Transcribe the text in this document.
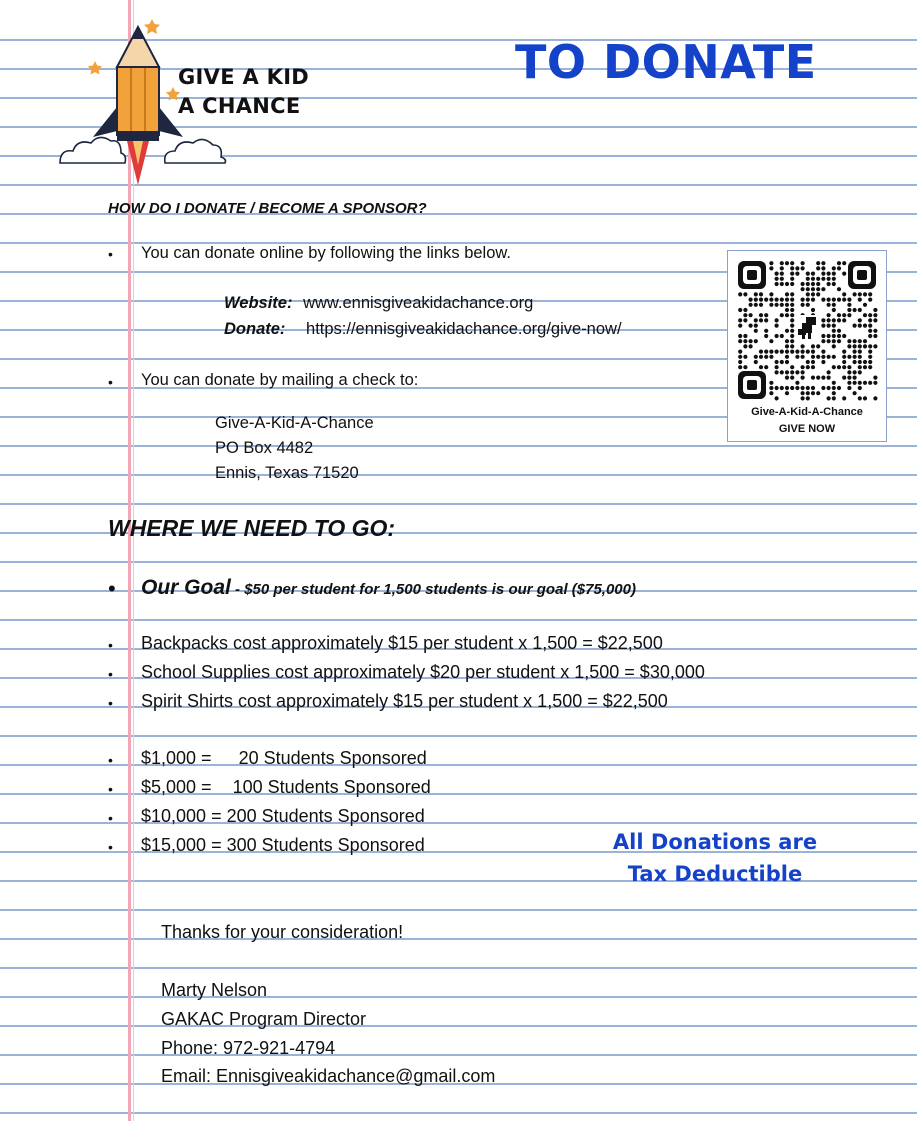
GIVE A KID
A CHANCE
TO DONATE
HOW DO I DONATE / BECOME A SPONSOR?
• You can donate online by following the links below.
Website: www.ennisgiveakidachance.org
Donate: https://ennisgiveakidachance.org/give-now/
• You can donate by mailing a check to:
Give-A-Kid-A-Chance
PO Box 4482
Ennis, Texas 71520
Give-A-Kid-A-Chance
GIVE NOW
WHERE WE NEED TO GO:
• Our Goal - $50 per student for 1,500 students is our goal ($75,000)
• Backpacks cost approximately $15 per student x 1,500 = $22,500
• School Supplies cost approximately $20 per student x 1,500 = $30,000
• Spirit Shirts cost approximately $15 per student x 1,500 = $22,500
• $1,000 = 20 Students Sponsored
• $5,000 = 100 Students Sponsored
• $10,000 = 200 Students Sponsored
• $15,000 = 300 Students Sponsored	All Donations are
Tax Deductible
Thanks for your consideration!
Marty Nelson
GAKAC Program Director
Phone: 972-921-4794
Email: Ennisgiveakidachance@gmail.com
